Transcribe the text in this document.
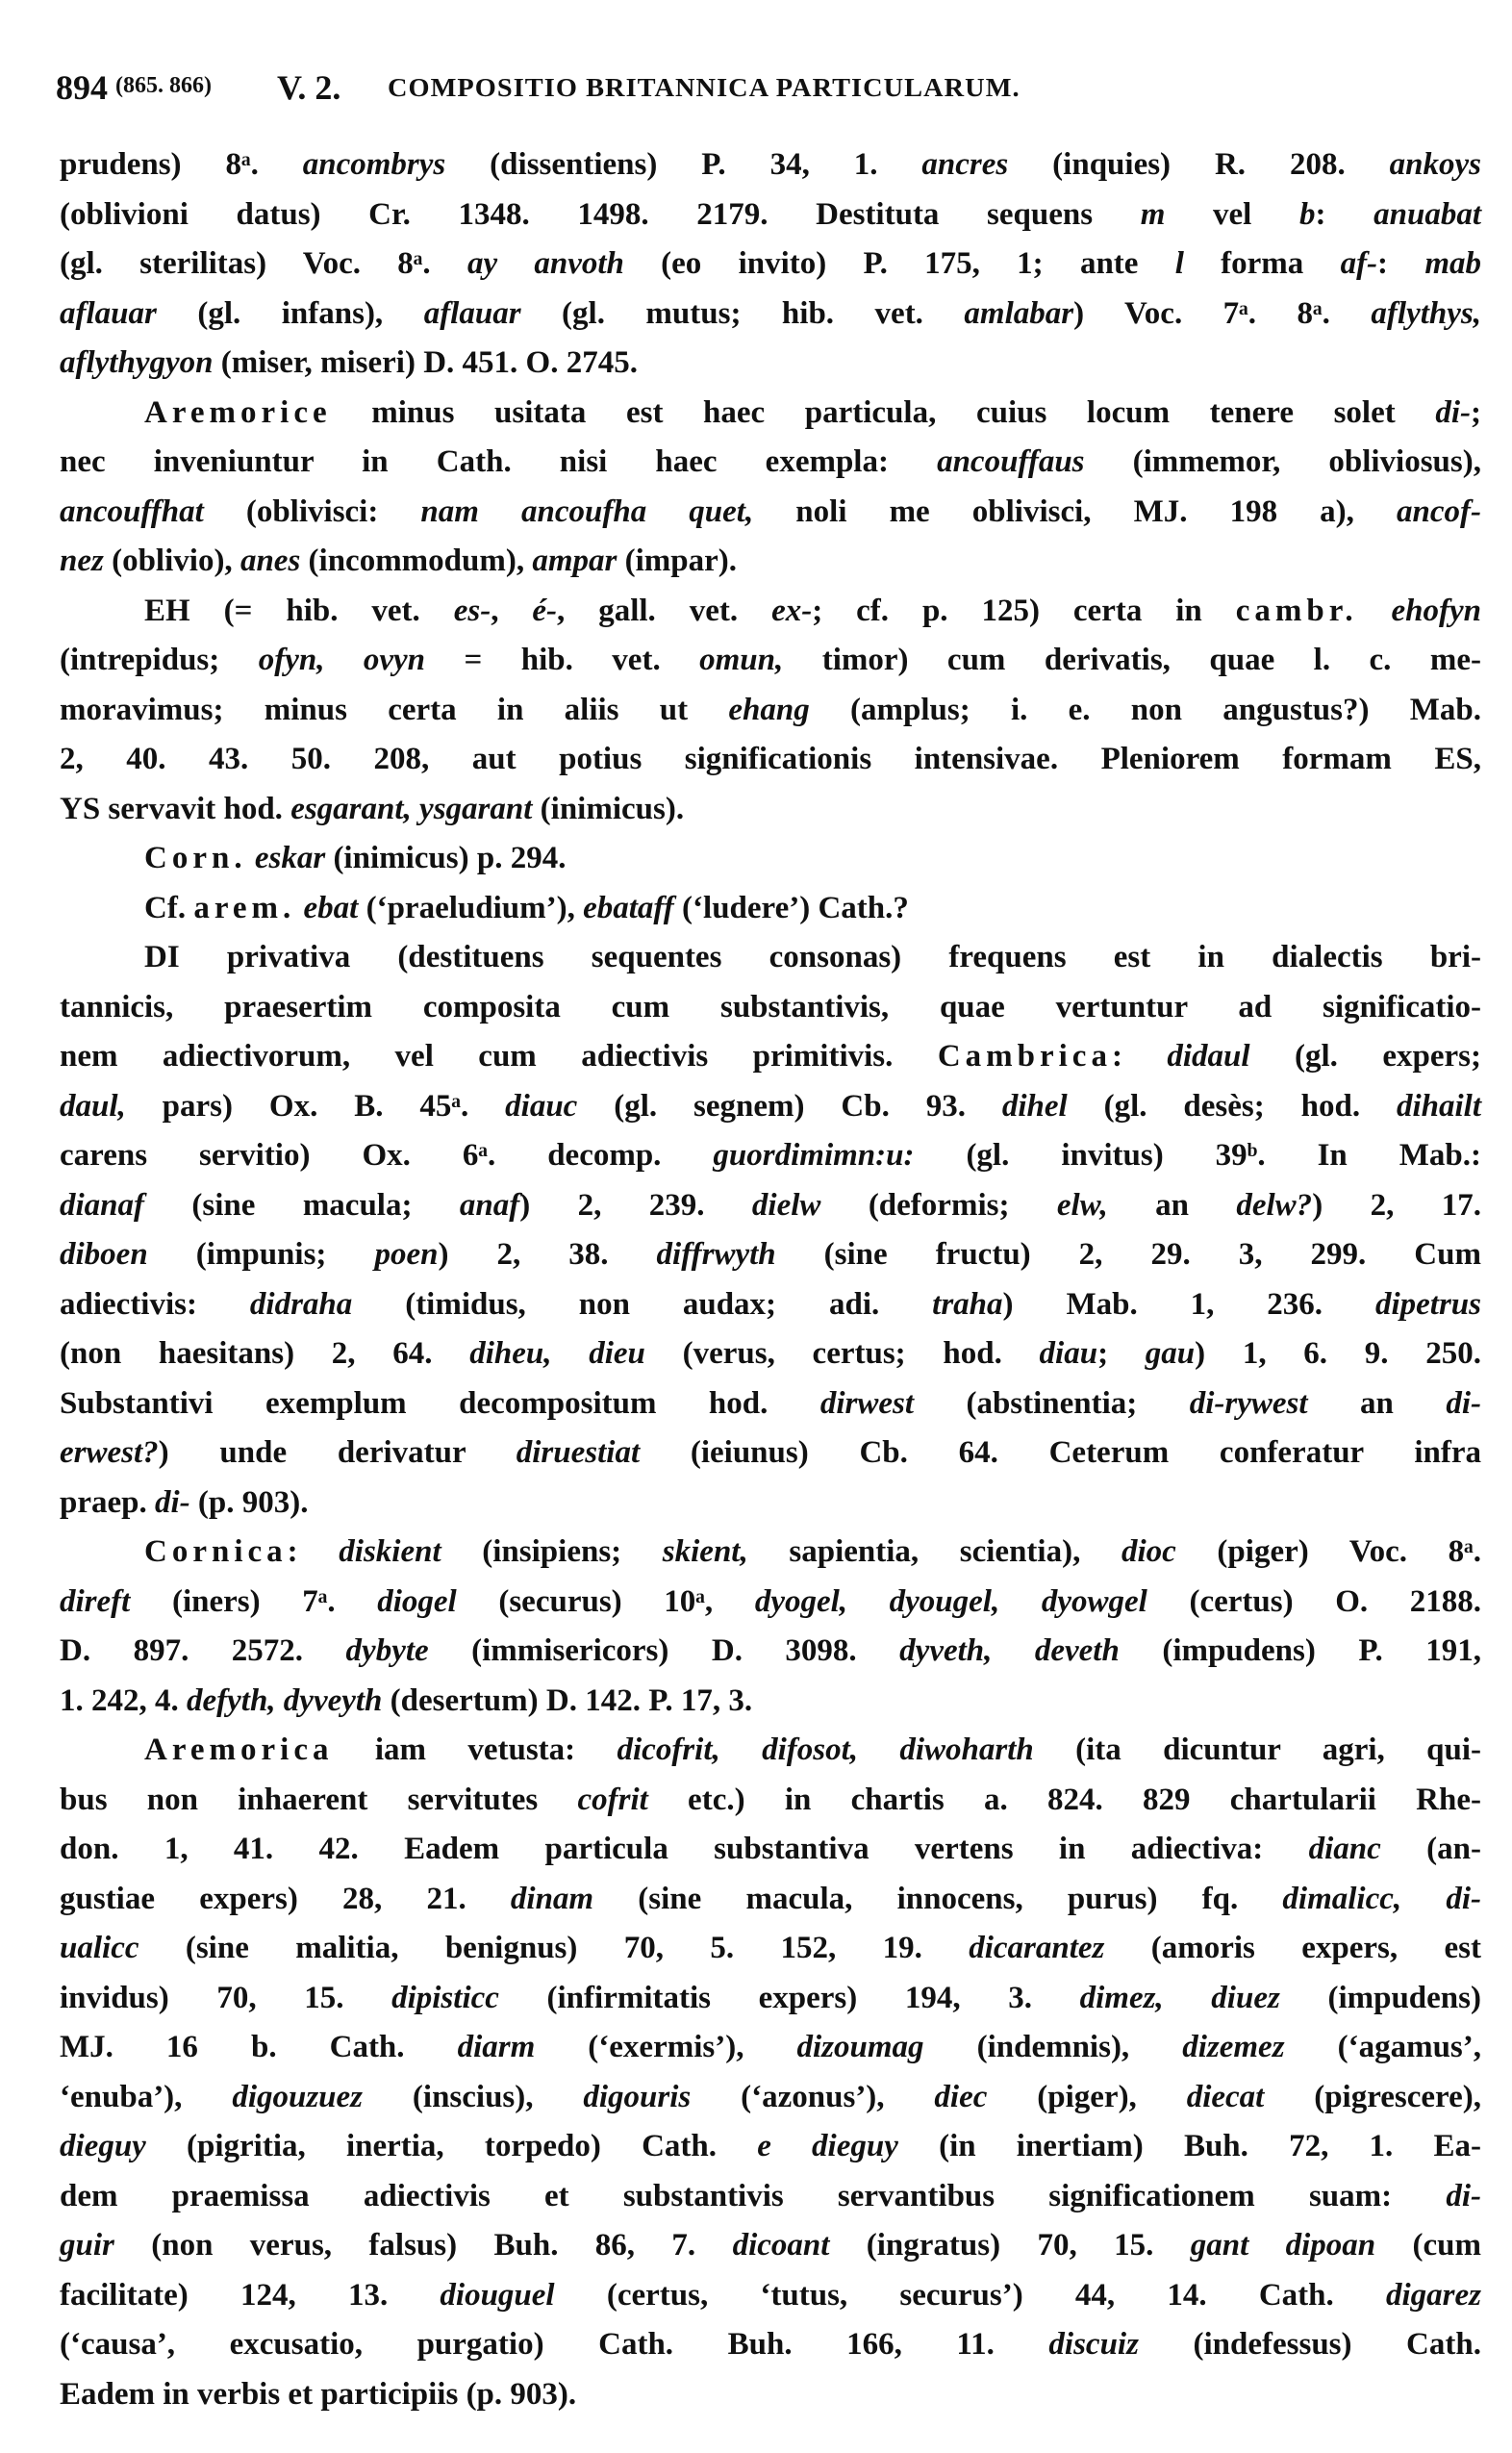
894 (865. 866) V. 2. COMPOSITIO BRITANNICA PARTICULARUM.
prudens) 8ᵃ. ancombrys (dissentiens) P. 34, 1. ancres (inquies) R. 208. ankoys
(oblivioni datus) Cr. 1348. 1498. 2179. Destituta sequens m vel b: anuabat
(gl. sterilitas) Voc. 8ᵃ. ay anvoth (eo invito) P. 175, 1; ante l forma af-: mab
aflauar (gl. infans), aflauar (gl. mutus; hib. vet. amlabar) Voc. 7ᵃ. 8ᵃ. aflythys,
aflythygyon (miser, miseri) D. 451. O. 2745.
Aremorice minus usitata est haec particula, cuius locum tenere solet di-;
nec inveniuntur in Cath. nisi haec exempla: ancouffaus (immemor, obliviosus),
ancouffhat (oblivisci: nam ancoufha quet, noli me oblivisci, MJ. 198 a), ancof-
nez (oblivio), anes (incommodum), ampar (impar).
EH (= hib. vet. es-, é-, gall. vet. ex-; cf. p. 125) certa in cambr. ehofyn
(intrepidus; ofyn, ovyn = hib. vet. omun, timor) cum derivatis, quae l. c. me-
moravimus; minus certa in aliis ut ehang (amplus; i. e. non angustus?) Mab.
2, 40. 43. 50. 208, aut potius significationis intensivae. Pleniorem formam ES,
YS servavit hod. esgarant, ysgarant (inimicus).
Corn. eskar (inimicus) p. 294.
Cf. arem. ebat (‘praeludium’), ebataff (‘ludere’) Cath.?
DI privativa (destituens sequentes consonas) frequens est in dialectis bri-
tannicis, praesertim composita cum substantivis, quae vertuntur ad significatio-
nem adiectivorum, vel cum adiectivis primitivis. Cambrica: didaul (gl. expers;
daul, pars) Ox. B. 45ᵃ. diauc (gl. segnem) Cb. 93. dihel (gl. desès; hod. dihailt
carens servitio) Ox. 6ᵃ. decomp. guordimimn:u: (gl. invitus) 39ᵇ. In Mab.:
dianaf (sine macula; anaf) 2, 239. dielw (deformis; elw, an delw?) 2, 17.
diboen (impunis; poen) 2, 38. diffrwyth (sine fructu) 2, 29. 3, 299. Cum
adiectivis: didraha (timidus, non audax; adi. traha) Mab. 1, 236. dipetrus
(non haesitans) 2, 64. diheu, dieu (verus, certus; hod. diau; gau) 1, 6. 9. 250.
Substantivi exemplum decompositum hod. dirwest (abstinentia; di-rywest an di-
erwest?) unde derivatur diruestiat (ieiunus) Cb. 64. Ceterum conferatur infra
praep. di- (p. 903).
Cornica: diskient (insipiens; skient, sapientia, scientia), dioc (piger) Voc. 8ᵃ.
direft (iners) 7ᵃ. diogel (securus) 10ᵃ, dyogel, dyougel, dyowgel (certus) O. 2188.
D. 897. 2572. dybyte (immisericors) D. 3098. dyveth, deveth (impudens) P. 191,
1. 242, 4. defyth, dyveyth (desertum) D. 142. P. 17, 3.
Aremorica iam vetusta: dicofrit, difosot, diwoharth (ita dicuntur agri, qui-
bus non inhaerent servitutes cofrit etc.) in chartis a. 824. 829 chartularii Rhe-
don. 1, 41. 42. Eadem particula substantiva vertens in adiectiva: dianc (an-
gustiae expers) 28, 21. dinam (sine macula, innocens, purus) fq. dimalicc, di-
ualicc (sine malitia, benignus) 70, 5. 152, 19. dicarantez (amoris expers, est
invidus) 70, 15. dipisticc (infirmitatis expers) 194, 3. dimez, diuez (impudens)
MJ. 16 b. Cath. diarm (‘exermis’), dizoumag (indemnis), dizemez (‘agamus’,
‘enuba’), digouzuez (inscius), digouris (‘azonus’), diec (piger), diecat (pigrescere),
dieguy (pigritia, inertia, torpedo) Cath. e dieguy (in inertiam) Buh. 72, 1. Ea-
dem praemissa adiectivis et substantivis servantibus significationem suam: di-
guir (non verus, falsus) Buh. 86, 7. dicoant (ingratus) 70, 15. gant dipoan (cum
facilitate) 124, 13. diouguel (certus, ‘tutus, securus’) 44, 14. Cath. digarez
(‘causa’, excusatio, purgatio) Cath. Buh. 166, 11. discuiz (indefessus) Cath.
Eadem in verbis et participiis (p. 903).
